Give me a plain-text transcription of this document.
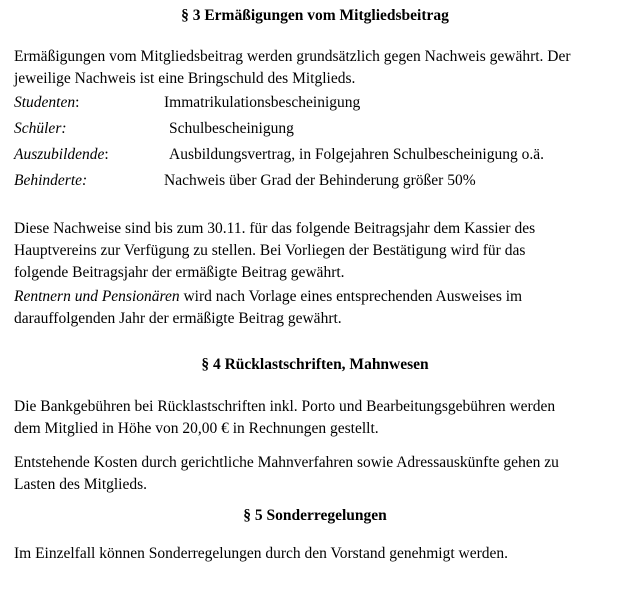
§ 3 Ermäßigungen vom Mitgliedsbeitrag
Ermäßigungen vom Mitgliedsbeitrag werden grundsätzlich gegen Nachweis gewährt. Der jeweilige Nachweis ist eine Bringschuld des Mitglieds.
Studenten:	Immatrikulationsbescheinigung
Schüler:	Schulbescheinigung
Auszubildende:	Ausbildungsvertrag, in Folgejahren Schulbescheinigung o.ä.
Behinderte:	Nachweis über Grad der Behinderung größer 50%
Diese Nachweise sind bis zum 30.11. für das folgende Beitragsjahr dem Kassier des Hauptvereins zur Verfügung zu stellen. Bei Vorliegen der Bestätigung wird für das folgende Beitragsjahr der ermäßigte Beitrag gewährt.
Rentnern und Pensionären wird nach Vorlage eines entsprechenden Ausweises im darauffolgenden Jahr der ermäßigte Beitrag gewährt.
§ 4 Rücklastschriften, Mahnwesen
Die Bankgebühren bei Rücklastschriften inkl. Porto und Bearbeitungsgebühren werden dem Mitglied in Höhe von 20,00 € in Rechnungen gestellt.
Entstehende Kosten durch gerichtliche Mahnverfahren sowie Adressauskünfte gehen zu Lasten des Mitglieds.
§ 5 Sonderregelungen
Im Einzelfall können Sonderregelungen durch den Vorstand genehmigt werden.
